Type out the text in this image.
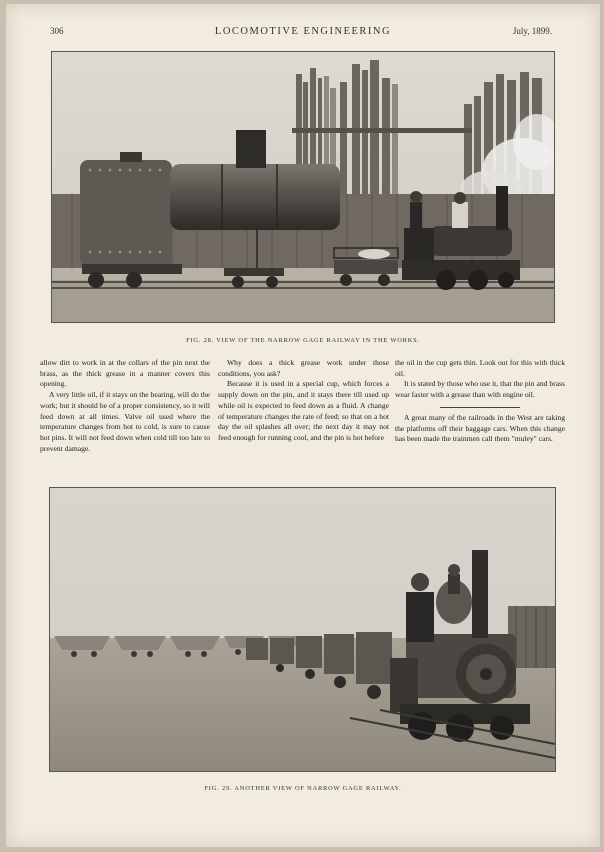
306	LOCOMOTIVE ENGINEERING	July, 1899.
FIG. 28. VIEW OF THE NARROW GAGE RAILWAY IN THE WORKS.

allow dirt to work in at the collars of the pin next the brass, as the thick grease in a manner covers this opening.

A very little oil, if it stays on the bearing, will do the work; but it should be of a proper consistency, so it will feed down at all times. Valve oil used where the temperature changes from hot to cold, is sure to cause hot pins. It will not feed down when cold till too late to prevent damage.

Why does a thick grease work under those conditions, you ask?

Because it is used in a special cup, which forces a supply down on the pin, and it stays there till used up while oil is expected to feed down as a fluid. A change of temperature changes the rate of feed; so that on a hot day the oil splashes all over; the next day it may not feed enough for running cool, and the pin is hot before

the oil in the cup gets thin. Look out for this with thick oil.

It is stated by those who use it, that the pin and brass wear faster with a grease than with engine oil.

A great many of the railroads in the West are taking the platforms off their baggage cars. When this change has been made the trainmen call them "muley" cars.

FIG. 29. ANOTHER VIEW OF NARROW GAGE RAILWAY.
